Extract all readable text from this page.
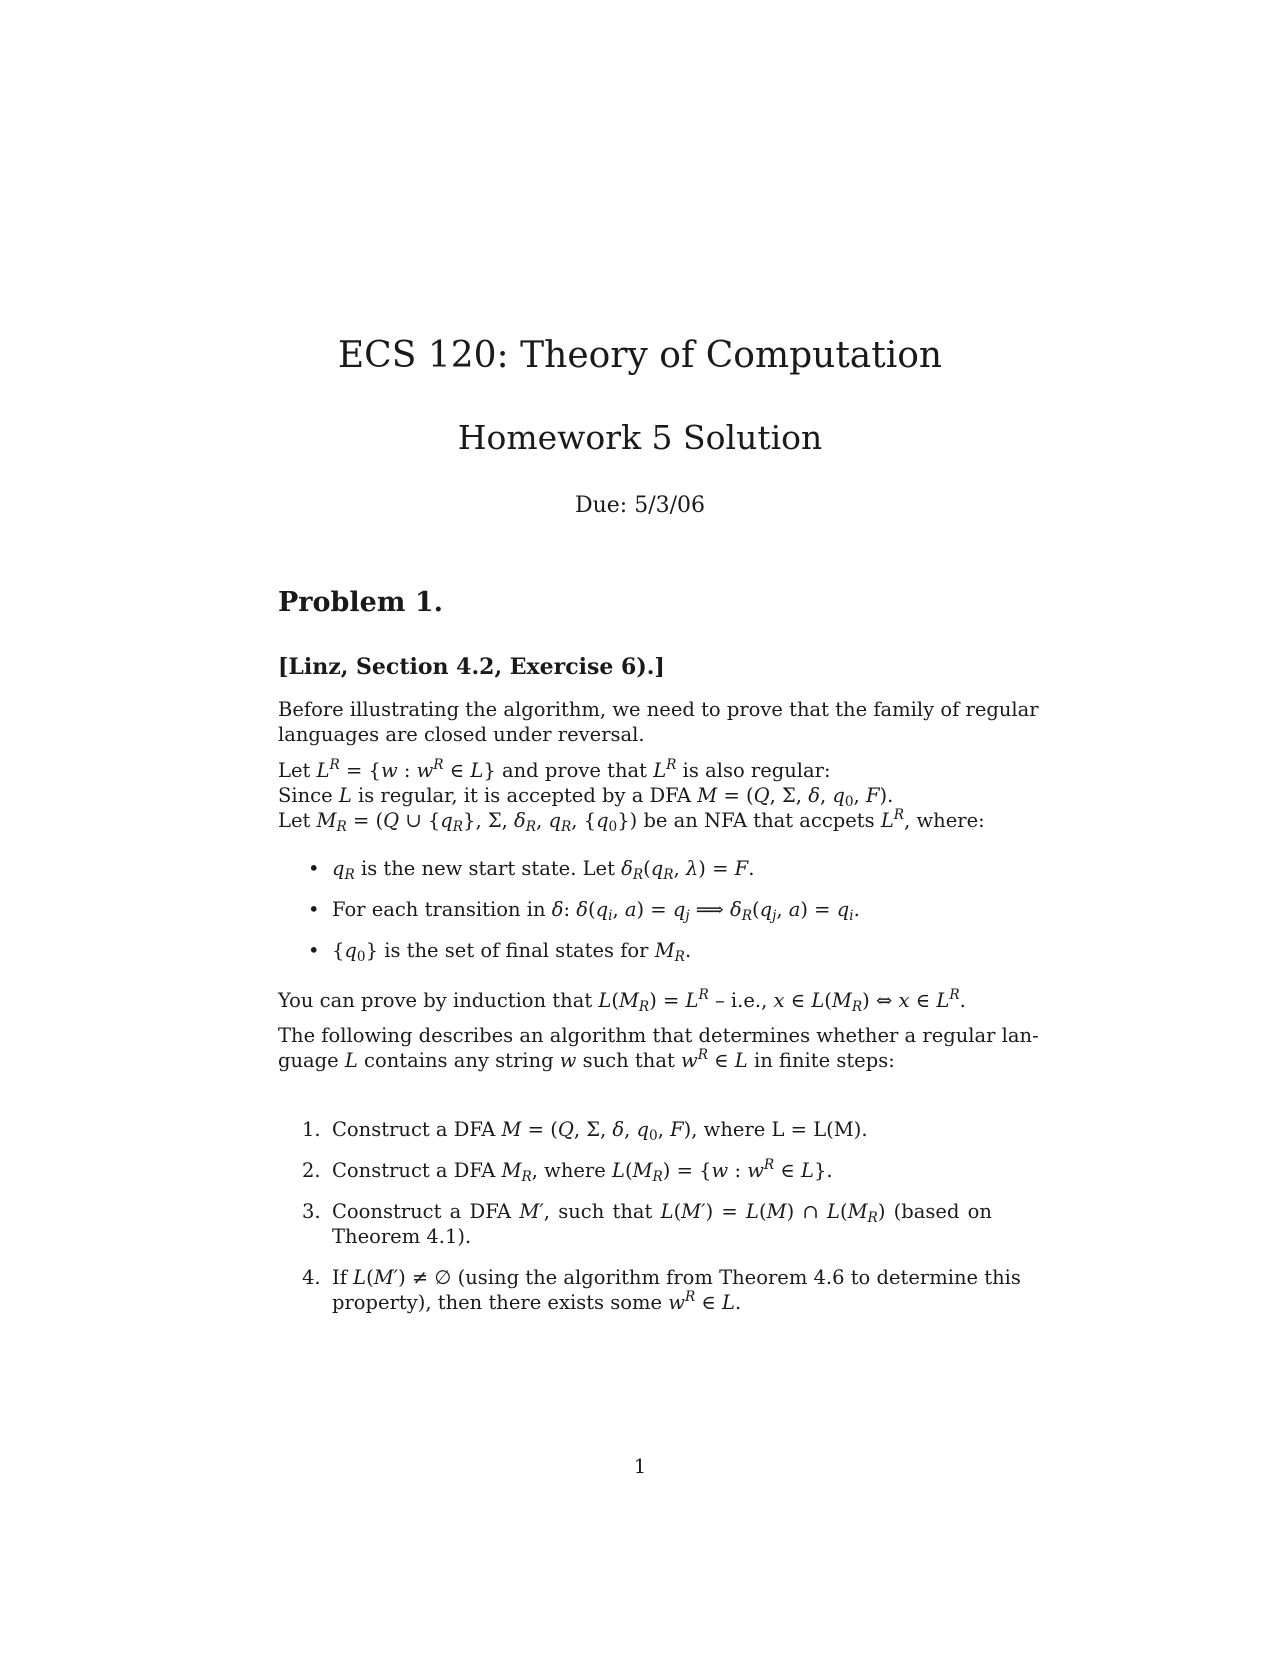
ECS 120: Theory of Computation
Homework 5 Solution
Due: 5/3/06
Problem 1.
[Linz, Section 4.2, Exercise 6).]
Before illustrating the algorithm, we need to prove that the family of regular
languages are closed under reversal.
Let $L^R = \{w$ : $w^R$ ∈ L} and prove that $L^R$ is also regular:
Since L is regular, it is accepted by a DFA M = (Q, Σ, δ, $q_0$, F).
Let $M_R = (Q$ ∪ $\{q_R\}$, Σ, $\delta_R$, $q_R$, $\{q_0\}$) be an NFA that accpets $L^R$, where:
• $q_R$ is the new start state. Let $\delta_R(q_R$, λ) = F.
• For each transition in δ: $\delta(q_i$, $a) = q_j$ ⟹ $\delta_R(q_j$, $a) = q_i$.
• $\{q_0\}$ is the set of final states for $M_R$.
You can prove by induction that $L(M_R) = L^R - i.e$., x ∈ $L(M_R)$ ⇔ x ∈ $L^R$.
The following describes an algorithm that determines whether a regular lan-
guage L contains any string w such that $w^R$ ∈ L in finite steps:
1. Construct a DFA M = (Q, Σ, δ, $q_0$, F), where L = L(M).
2. Construct a DFA $M_R$, where $L(M_R) = \{w$ : $w^R$ ∈ L}.
3. Coonstruct a DFA M′, such that L(M′) = L(M) ∩ $L(M_R)$ (based on
Theorem 4.1).
4. If L(M′) ≠ ∅ (using the algorithm from Theorem 4.6 to determine this
property), then there exists some $w^R$ ∈ L.
1
